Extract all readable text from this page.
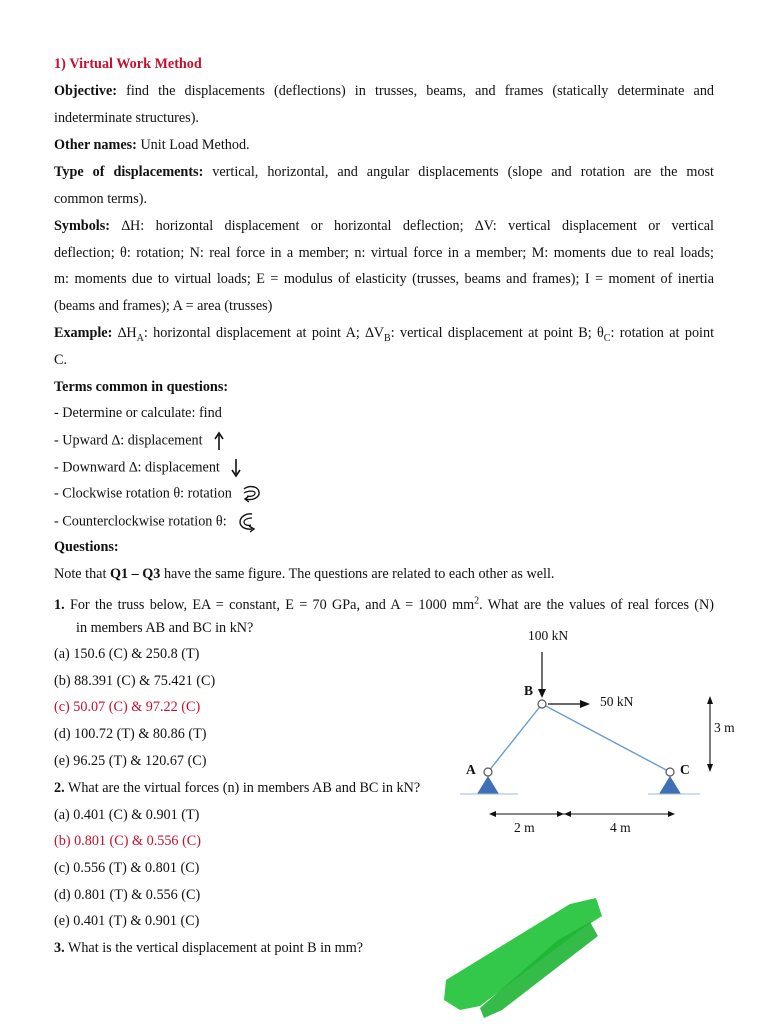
1) Virtual Work Method
Objective: find the displacements (deflections) in trusses, beams, and frames (statically determinate and
indeterminate structures).
Other names: Unit Load Method.
Type of displacements: vertical, horizontal, and angular displacements (slope and rotation are the most
common terms).
Symbols: ∆H: horizontal displacement or horizontal deflection; ∆V: vertical displacement or vertical
deflection; θ: rotation; N: real force in a member; n: virtual force in a member; M: moments due to real loads;
m: moments due to virtual loads; E = modulus of elasticity (trusses, beams and frames); I = moment of inertia
(beams and frames); A = area (trusses)
Example: $\Delta H_A$: horizontal displacement at point A; $\Delta V_B$: vertical displacement at point B; $\theta_C$: rotation at point
C.
Terms common in questions:
- Determine or calculate: find
- Upward ∆: displacement
- Downward ∆: displacement
- Clockwise rotation θ: rotation
- Counterclockwise rotation θ:
Questions:
Note that Q1 – Q3 have the same figure. The questions are related to each other as well.
1. For the truss below, EA = constant, E = 70 GPa, and A = 1000 $mm^2$. What are the values of real forces (N)
in members AB and BC in kN?
(a) 150.6 (C) & 250.8 (T)
(b) 88.391 (C) & 75.421 (C)
(c) 50.07 (C) & 97.22 (C)
(d) 100.72 (T) & 80.86 (T)
(e) 96.25 (T) & 120.67 (C)
2. What are the virtual forces (n) in members AB and BC in kN?
(a) 0.401 (C) & 0.901 (T)
(b) 0.801 (C) & 0.556 (C)
(c) 0.556 (T) & 0.801 (C)
(d) 0.801 (T) & 0.556 (C)
(e) 0.401 (T) & 0.901 (C)
3. What is the vertical displacement at point B in mm?
100 kN
50 kN
B
A	C
3 m
2 m	4 m
